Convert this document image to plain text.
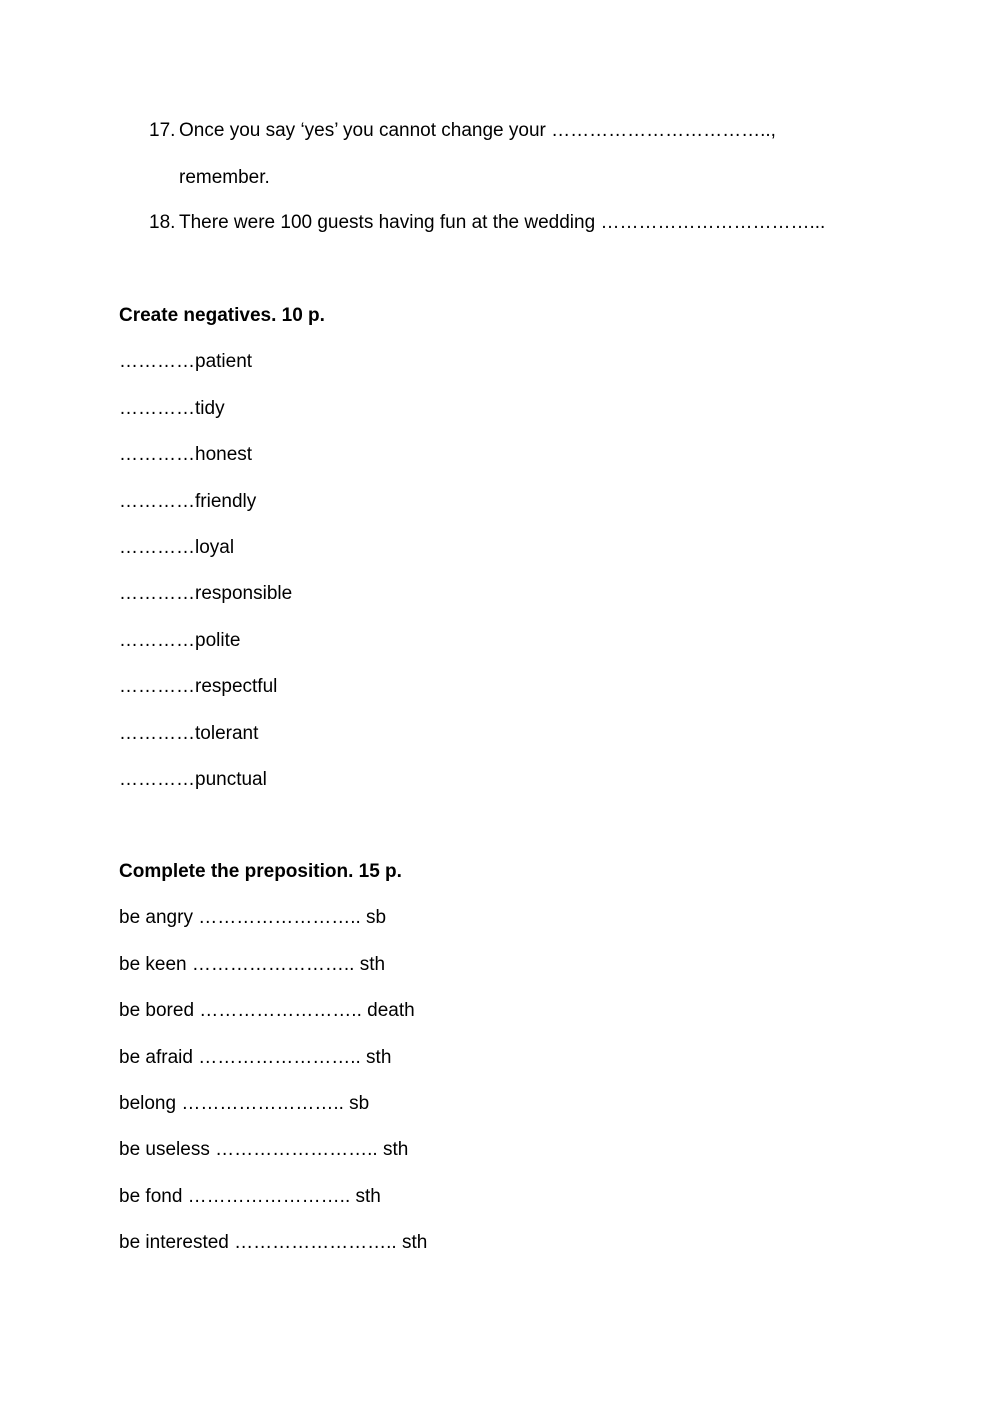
17. Once you say ‘yes’ you cannot change your ……………………………..,
remember.
18. There were 100 guests having fun at the wedding ……………………………...
Create negatives. 10 p.
…………patient
…………tidy
…………honest
…………friendly
…………loyal
…………responsible
…………polite
…………respectful
…………tolerant
…………punctual
Complete the preposition. 15 p.
be angry …………………….. sb
be keen …………………….. sth
be bored …………………….. death
be afraid …………………….. sth
belong …………………….. sb
be useless …………………….. sth
be fond …………………….. sth
be interested …………………….. sth
